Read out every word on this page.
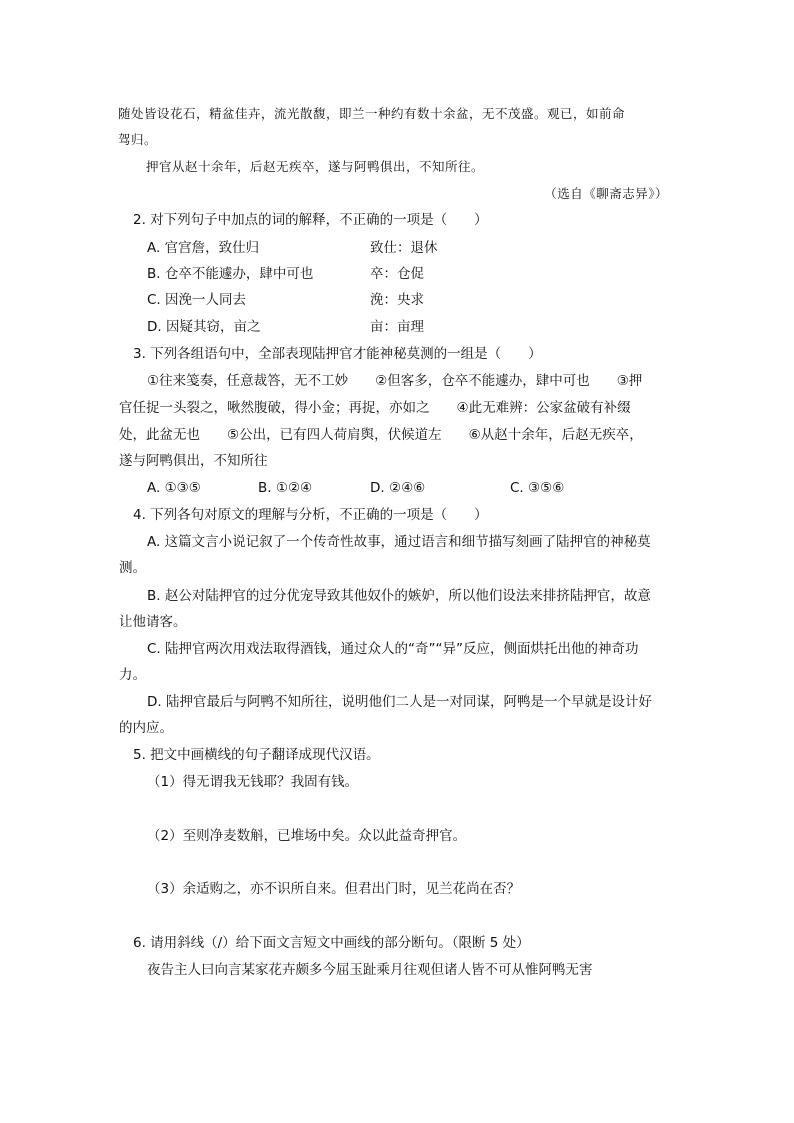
随处皆设花石，精盆佳卉，流光散馥，即兰一种约有数十余盆，无不茂盛。观已，如前命
驾归。
押官从赵十余年，后赵无疾卒，遂与阿鸭俱出，不知所往。
（选自《聊斋志异》）
2. 对下列句子中加点的词的解释，不正确的一项是（　　）
A. 官宫詹，致仕归	致仕：退休
B. 仓卒不能遽办，肆中可也	卒：仓促
C. 因浼一人同去	浼：央求
D. 因疑其窃，亩之	亩：亩理
3. 下列各组语句中，全部表现陆押官才能神秘莫测的一组是（　　）
①往来笺奏，任意裁答，无不工妙　　②但客多，仓卒不能遽办，肆中可也　　③押
官任捉一头裂之，啾然腹破，得小金；再捉，亦如之　　④此无难辨：公家盆破有补缀
处，此盆无也　　⑤公出，已有四人荷肩舆，伏候道左　　⑥从赵十余年，后赵无疾卒，
遂与阿鸭俱出，不知所往
A. ①③⑤	B. ①②④	D. ②④⑥	C. ③⑤⑥
4. 下列各句对原文的理解与分析，不正确的一项是（　　）
A. 这篇文言小说记叙了一个传奇性故事，通过语言和细节描写刻画了陆押官的神秘莫
测。
B. 赵公对陆押官的过分优宠导致其他奴仆的嫉妒，所以他们设法来排挤陆押官，故意
让他请客。
C. 陆押官两次用戏法取得酒钱，通过众人的“奇”“异”反应，侧面烘托出他的神奇功
力。
D. 陆押官最后与阿鸭不知所往，说明他们二人是一对同谋，阿鸭是一个早就是设计好
的内应。
5. 把文中画横线的句子翻译成现代汉语。
（1）得无谓我无钱耶？我固有钱。
（2）至则净麦数斛，已堆场中矣。众以此益奇押官。
（3）余适购之，亦不识所自来。但君出门时，见兰花尚在否？
6. 请用斜线（/）给下面文言短文中画线的部分断句。（限断 5 处）
夜告主人曰向言某家花卉颇多今屈玉趾乘月往观但诸人皆不可从惟阿鸭无害
